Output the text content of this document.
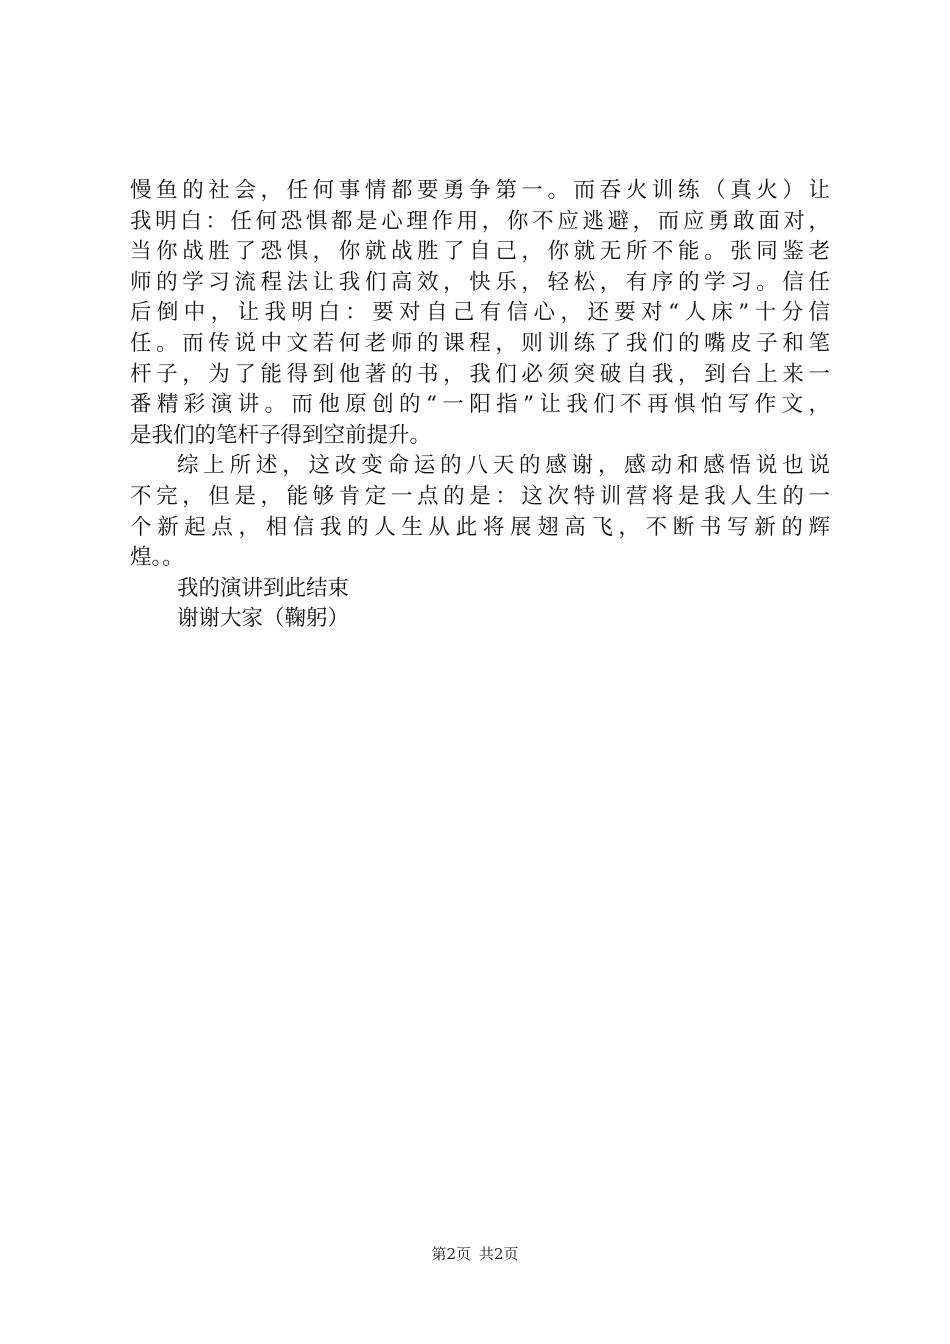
慢鱼的社会，任何事情都要勇争第一。而吞火训练（真火）让
我明白：任何恐惧都是心理作用，你不应逃避，而应勇敢面对，
当你战胜了恐惧，你就战胜了自己，你就无所不能。张同鉴老
师的学习流程法让我们高效，快乐，轻松，有序的学习。信任
后倒中，让我明白：要对自己有信心，还要对“人床”十分信
任。而传说中文若何老师的课程，则训练了我们的嘴皮子和笔
杆子，为了能得到他著的书，我们必须突破自我，到台上来一
番精彩演讲。而他原创的“一阳指”让我们不再惧怕写作文，
是我们的笔杆子得到空前提升。
综上所述，这改变命运的八天的感谢，感动和感悟说也说
不完，但是，能够肯定一点的是：这次特训营将是我人生的一
个新起点，相信我的人生从此将展翅高飞，不断书写新的辉
煌。。
我的演讲到此结束
谢谢大家（鞠躬）
第2页 共2页
